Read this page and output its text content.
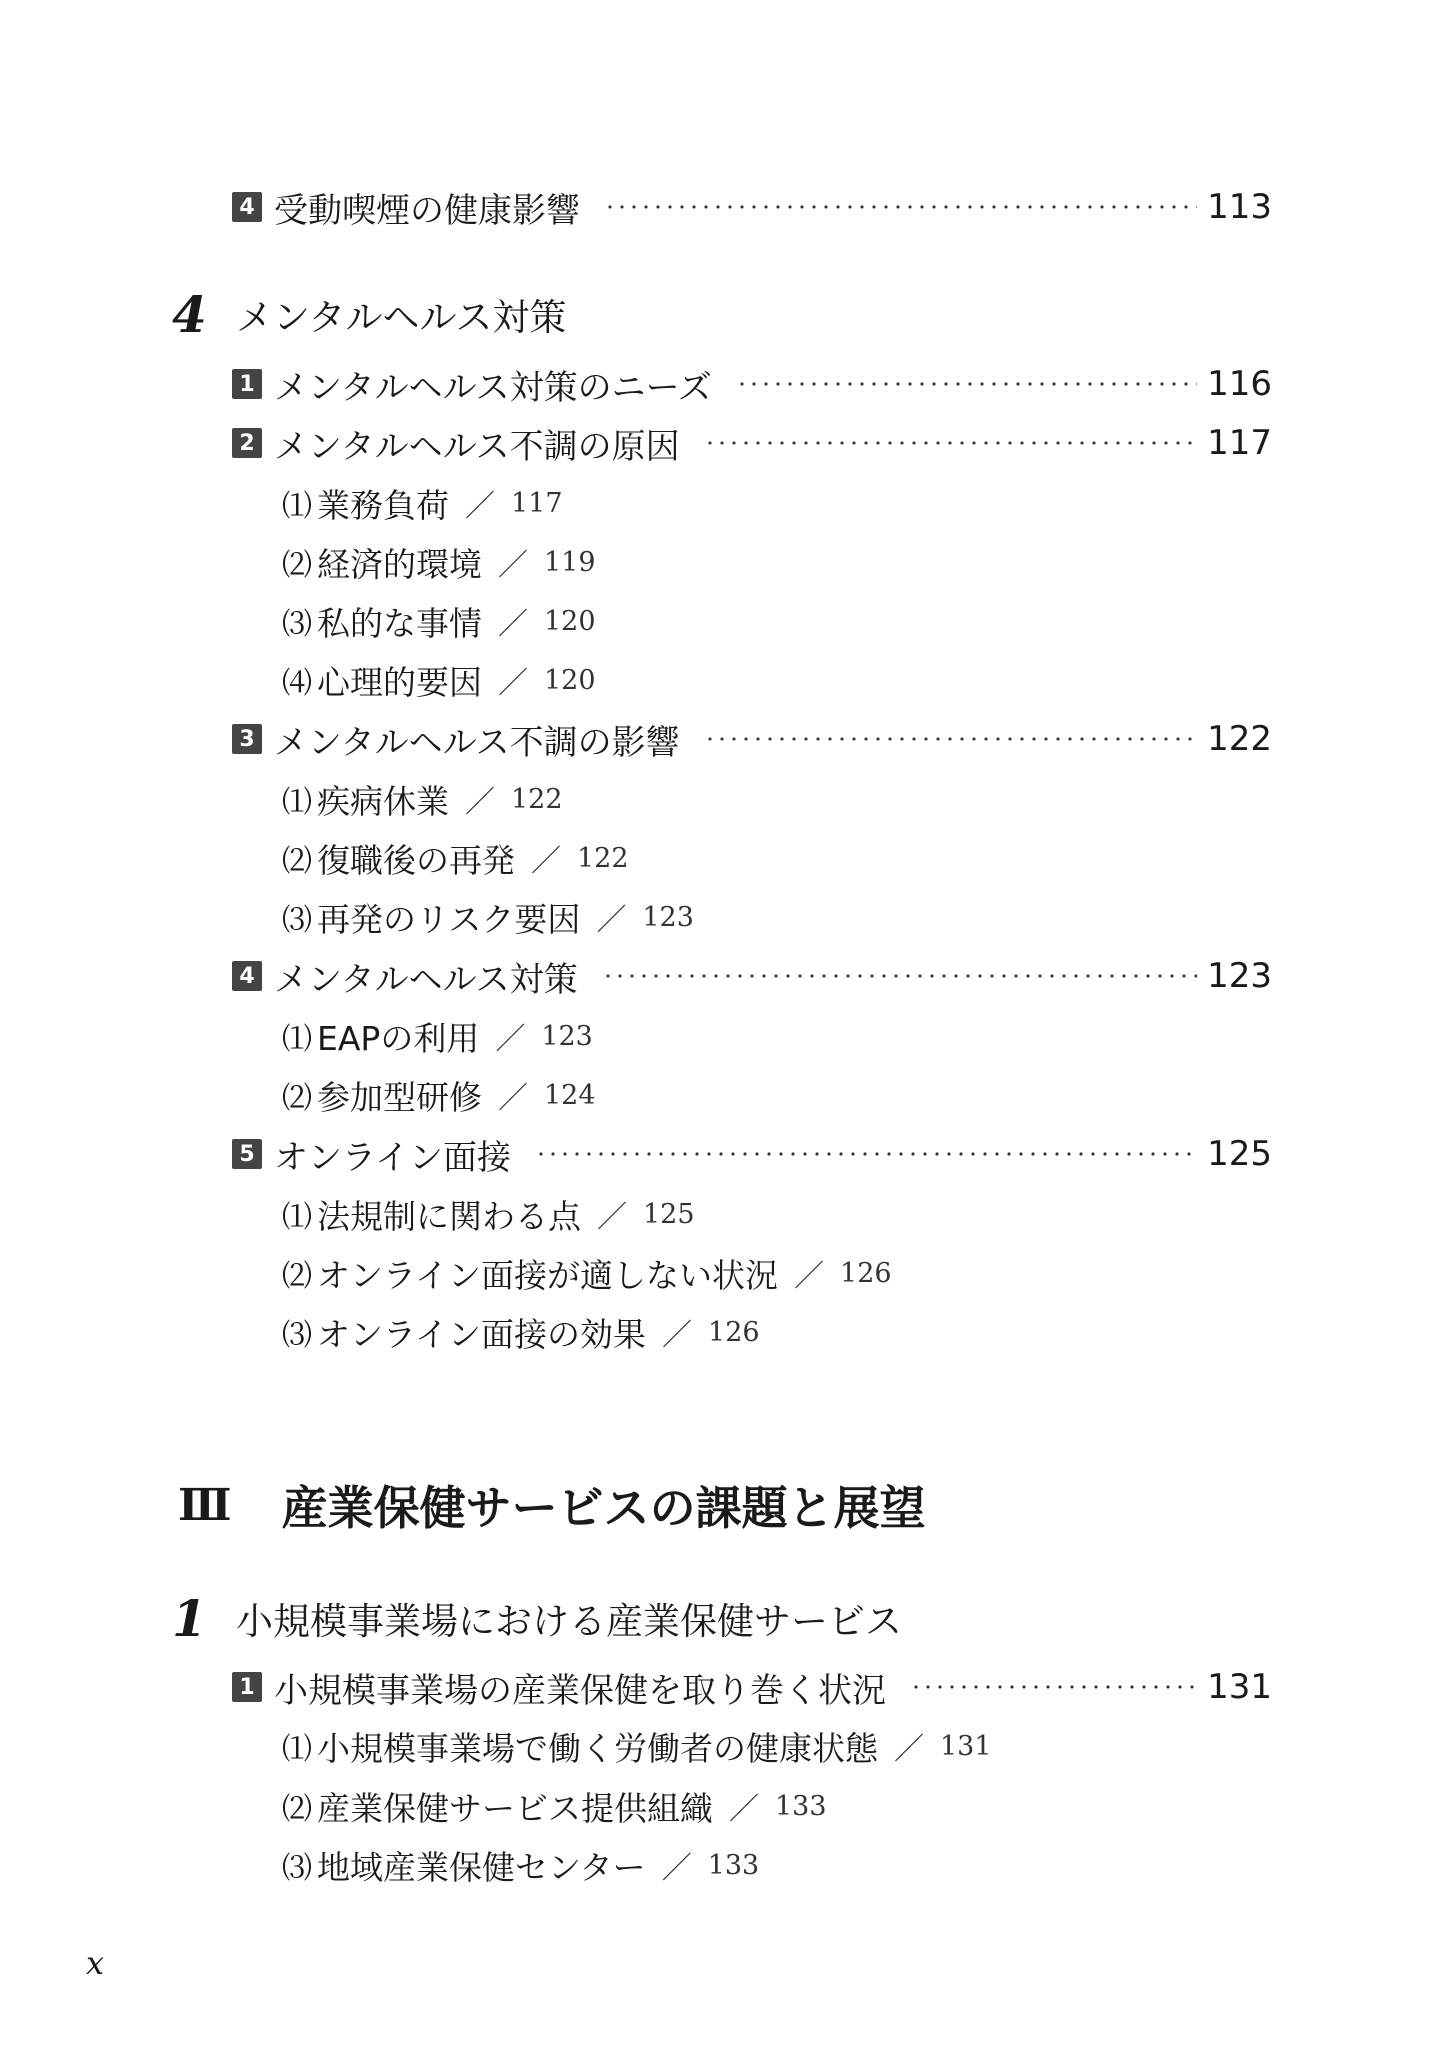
4 受動喫煙の健康影響	113
4 メンタルヘルス対策
1 メンタルヘルス対策のニーズ	116
2 メンタルヘルス不調の原因	117
⑴ 業務負荷 ／ 117
⑵ 経済的環境 ／ 119
⑶ 私的な事情 ／ 120
⑷ 心理的要因 ／ 120
3 メンタルヘルス不調の影響	122
⑴ 疾病休業 ／ 122
⑵ 復職後の再発 ／ 122
⑶ 再発のリスク要因 ／ 123
4 メンタルヘルス対策	123
⑴ EAPの利用 ／ 123
⑵ 参加型研修 ／ 124
5 オンライン面接	125
⑴ 法規制に関わる点 ／ 125
⑵ オンライン面接が適しない状況 ／ 126
⑶ オンライン面接の効果 ／ 126
Ⅲ 産業保健サービスの課題と展望
1 小規模事業場における産業保健サービス
1 小規模事業場の産業保健を取り巻く状況	131
⑴ 小規模事業場で働く労働者の健康状態 ／ 131
⑵ 産業保健サービス提供組織 ／ 133
⑶ 地域産業保健センター ／ 133
x
